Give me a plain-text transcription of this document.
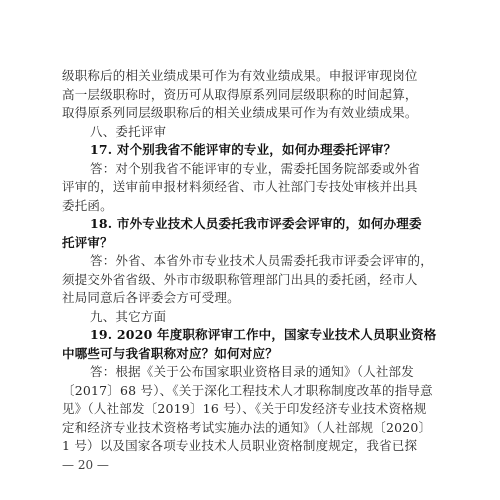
级职称后的相关业绩成果可作为有效业绩成果。申报评审现岗位
高一层级职称时，资历可从取得原系列同层级职称的时间起算，
取得原系列同层级职称后的相关业绩成果可作为有效业绩成果。
八、委托评审
17. 对个别我省不能评审的专业，如何办理委托评审？
答：对个别我省不能评审的专业，需委托国务院部委或外省
评审的，送审前申报材料须经省、市人社部门专技处审核并出具
委托函。
18. 市外专业技术人员委托我市评委会评审的，如何办理委
托评审？
答：外省、本省外市专业技术人员需委托我市评委会评审的，
须提交外省省级、外市市级职称管理部门出具的委托函，经市人
社局同意后各评委会方可受理。
九、其它方面
19. 2020 年度职称评审工作中，国家专业技术人员职业资格
中哪些可与我省职称对应？如何对应？
答：根据《关于公布国家职业资格目录的通知》（人社部发
〔2017〕68 号）、《关于深化工程技术人才职称制度改革的指导意
见》（人社部发〔2019〕16 号）、《关于印发经济专业技术资格规
定和经济专业技术资格考试实施办法的通知》（人社部规〔2020〕
1 号）以及国家各项专业技术人员职业资格制度规定，我省已探
— 20 —
